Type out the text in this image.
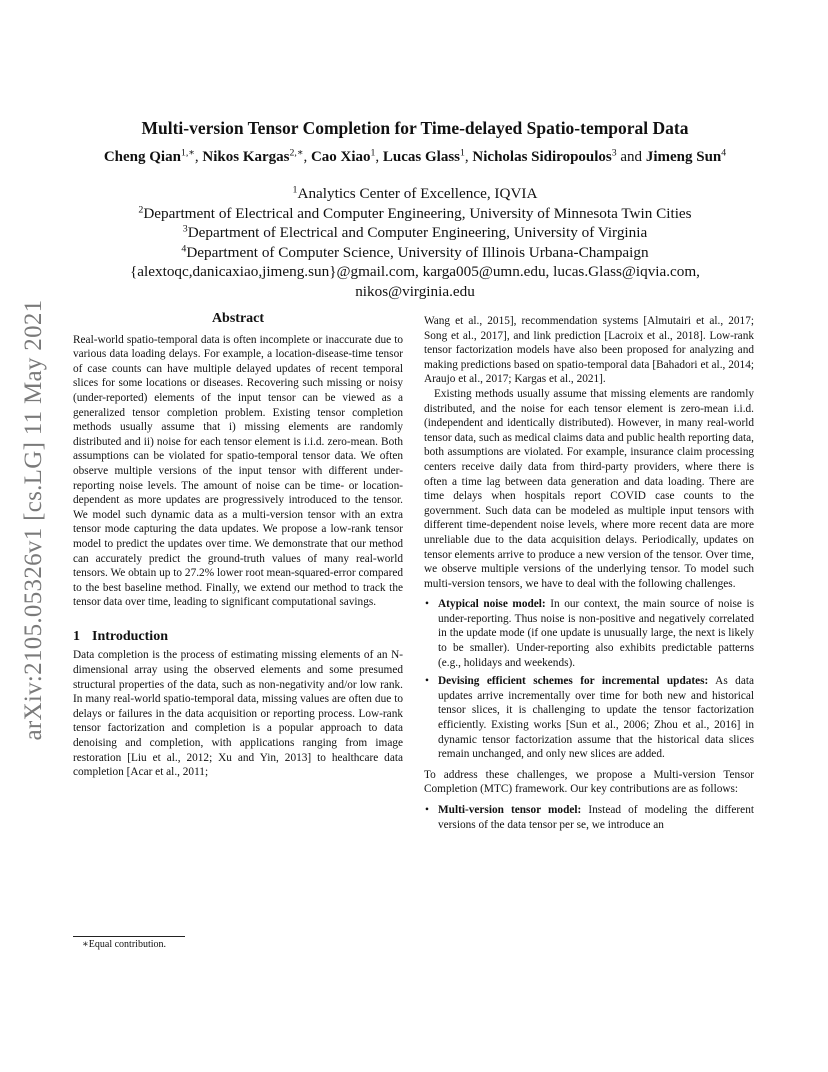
arXiv:2105.05326v1 [cs.LG] 11 May 2021
Multi-version Tensor Completion for Time-delayed Spatio-temporal Data

Cheng Qian$^{1,∗}$, Nikos Kargas$^{2,∗}$, Cao Xiao$^1$, Lucas Glass$^1$, Nicholas Sidiropoulos$^3$ and Jimeng Sun$^4$

$^1$Analytics Center of Excellence, IQVIA
$^2$Department of Electrical and Computer Engineering, University of Minnesota Twin Cities
$^3$Department of Electrical and Computer Engineering, University of Virginia
$^4$Department of Computer Science, University of Illinois Urbana-Champaign
{alextoqc,danicaxiao,jimeng.sun}@gmail.com, karga005@umn.edu, lucas.Glass@iqvia.com,
nikos@virginia.edu
Abstract

Real-world spatio-temporal data is often incomplete or inaccurate due to various data loading delays. For example, a location-disease-time tensor of case counts can have multiple delayed updates of recent temporal slices for some locations or diseases. Recovering such missing or noisy (under-reported) elements of the input tensor can be viewed as a generalized tensor completion problem. Existing tensor completion methods usually assume that i) missing elements are randomly distributed and ii) noise for each tensor element is i.i.d. zero-mean. Both assumptions can be violated for spatio-temporal tensor data. We often observe multiple versions of the input tensor with different under-reporting noise levels. The amount of noise can be time- or location-dependent as more updates are progressively introduced to the tensor. We model such dynamic data as a multi-version tensor with an extra tensor mode capturing the data updates. We propose a low-rank tensor model to predict the updates over time. We demonstrate that our method can accurately predict the ground-truth values of many real-world tensors. We obtain up to 27.2% lower root mean-squared-error compared to the best baseline method. Finally, we extend our method to track the tensor data over time, leading to significant computational savings.

1 Introduction

Data completion is the process of estimating missing elements of an N-dimensional array using the observed elements and some presumed structural properties of the data, such as non-negativity and/or low rank. In many real-world spatio-temporal data, missing values are often due to delays or failures in the data acquisition or reporting process. Low-rank tensor factorization and completion is a popular approach to data denoising and completion, with applications ranging from image restoration [Liu et al., 2012; Xu and Yin, 2013] to healthcare data completion [Acar et al., 2011;

∗Equal contribution.

Wang et al., 2015], recommendation systems [Almutairi et al., 2017; Song et al., 2017], and link prediction [Lacroix et al., 2018]. Low-rank tensor factorization models have also been proposed for analyzing and making predictions based on spatio-temporal data [Bahadori et al., 2014; Araujo et al., 2017; Kargas et al., 2021].

Existing methods usually assume that missing elements are randomly distributed, and the noise for each tensor element is zero-mean i.i.d. (independent and identically distributed). However, in many real-world tensor data, such as medical claims data and public health reporting data, both assumptions are violated. For example, insurance claim processing centers receive daily data from third-party providers, where there is often a time lag between data generation and data loading. There are time delays when hospitals report COVID case counts to the government. Such data can be modeled as multiple input tensors with different time-dependent noise levels, where more recent data are more unreliable due to the data acquisition delays. Periodically, updates on tensor elements arrive to produce a new version of the tensor. Over time, we observe multiple versions of the underlying tensor. To model such multi-version tensors, we have to deal with the following challenges.

• Atypical noise model: In our context, the main source of noise is under-reporting. Thus noise is non-positive and negatively correlated in the update mode (if one update is unusually large, the next is likely to be smaller). Under-reporting also exhibits predictable patterns (e.g., holidays and weekends).
• Devising efficient schemes for incremental updates: As data updates arrive incrementally over time for both new and historical tensor slices, it is challenging to update the tensor factorization efficiently. Existing works [Sun et al., 2006; Zhou et al., 2016] in dynamic tensor factorization assume that the historical data slices remain unchanged, and only new slices are added.

To address these challenges, we propose a Multi-version Tensor Completion (MTC) framework. Our key contributions are as follows:

• Multi-version tensor model: Instead of modeling the different versions of the data tensor per se, we introduce an
